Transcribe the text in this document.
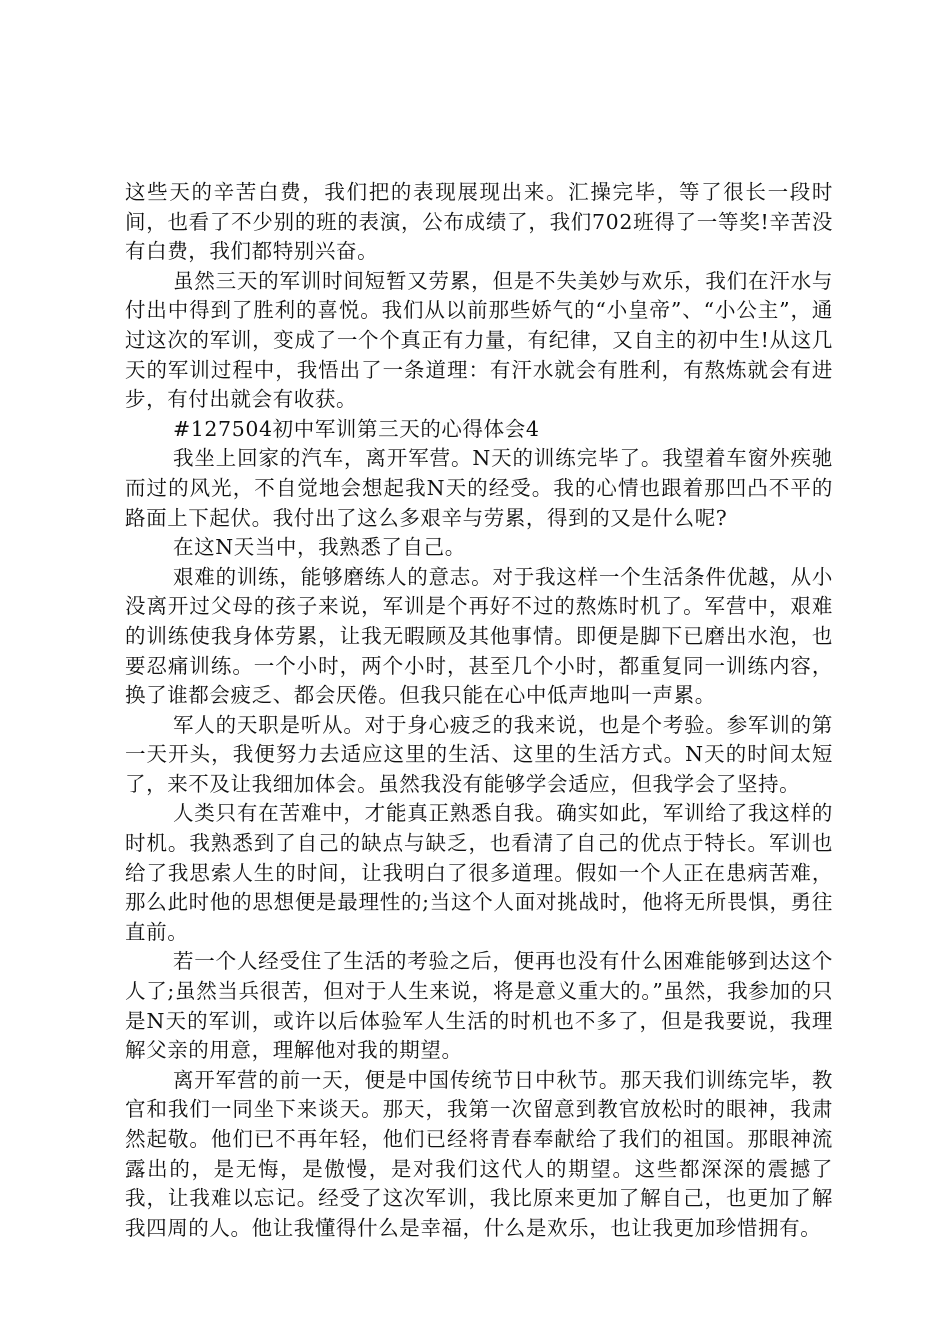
这些天的辛苦白费，我们把的表现展现出来。汇操完毕，等了很长一段时间，也看了不少别的班的表演，公布成绩了，我们702班得了一等奖!辛苦没有白费，我们都特别兴奋。

虽然三天的军训时间短暂又劳累，但是不失美妙与欢乐，我们在汗水与付出中得到了胜利的喜悦。我们从以前那些娇气的“小皇帝”、“小公主”，通过这次的军训，变成了一个个真正有力量，有纪律，又自主的初中生!从这几天的军训过程中，我悟出了一条道理：有汗水就会有胜利，有熬炼就会有进步，有付出就会有收获。

#127504初中军训第三天的心得体会4

我坐上回家的汽车，离开军营。N天的训练完毕了。我望着车窗外疾驰而过的风光，不自觉地会想起我N天的经受。我的心情也跟着那凹凸不平的路面上下起伏。我付出了这么多艰辛与劳累，得到的又是什么呢?

在这N天当中，我熟悉了自己。

艰难的训练，能够磨练人的意志。对于我这样一个生活条件优越，从小没离开过父母的孩子来说，军训是个再好不过的熬炼时机了。军营中，艰难的训练使我身体劳累，让我无暇顾及其他事情。即便是脚下已磨出水泡，也要忍痛训练。一个小时，两个小时，甚至几个小时，都重复同一训练内容，换了谁都会疲乏、都会厌倦。但我只能在心中低声地叫一声累。

军人的天职是听从。对于身心疲乏的我来说，也是个考验。参军训的第一天开头，我便努力去适应这里的生活、这里的生活方式。N天的时间太短了，来不及让我细加体会。虽然我没有能够学会适应，但我学会了坚持。

人类只有在苦难中，才能真正熟悉自我。确实如此，军训给了我这样的时机。我熟悉到了自己的缺点与缺乏，也看清了自己的优点于特长。军训也给了我思索人生的时间，让我明白了很多道理。假如一个人正在患病苦难，那么此时他的思想便是最理性的;当这个人面对挑战时，他将无所畏惧，勇往直前。

若一个人经受住了生活的考验之后，便再也没有什么困难能够到达这个人了;虽然当兵很苦，但对于人生来说，将是意义重大的。”虽然，我参加的只是N天的军训，或许以后体验军人生活的时机也不多了，但是我要说，我理解父亲的用意，理解他对我的期望。

离开军营的前一天，便是中国传统节日中秋节。那天我们训练完毕，教官和我们一同坐下来谈天。那天，我第一次留意到教官放松时的眼神，我肃然起敬。他们已不再年轻，他们已经将青春奉献给了我们的祖国。那眼神流露出的，是无悔，是傲慢，是对我们这代人的期望。这些都深深的震撼了我，让我难以忘记。经受了这次军训，我比原来更加了解自己，也更加了解我四周的人。他让我懂得什么是幸福，什么是欢乐，也让我更加珍惜拥有。
